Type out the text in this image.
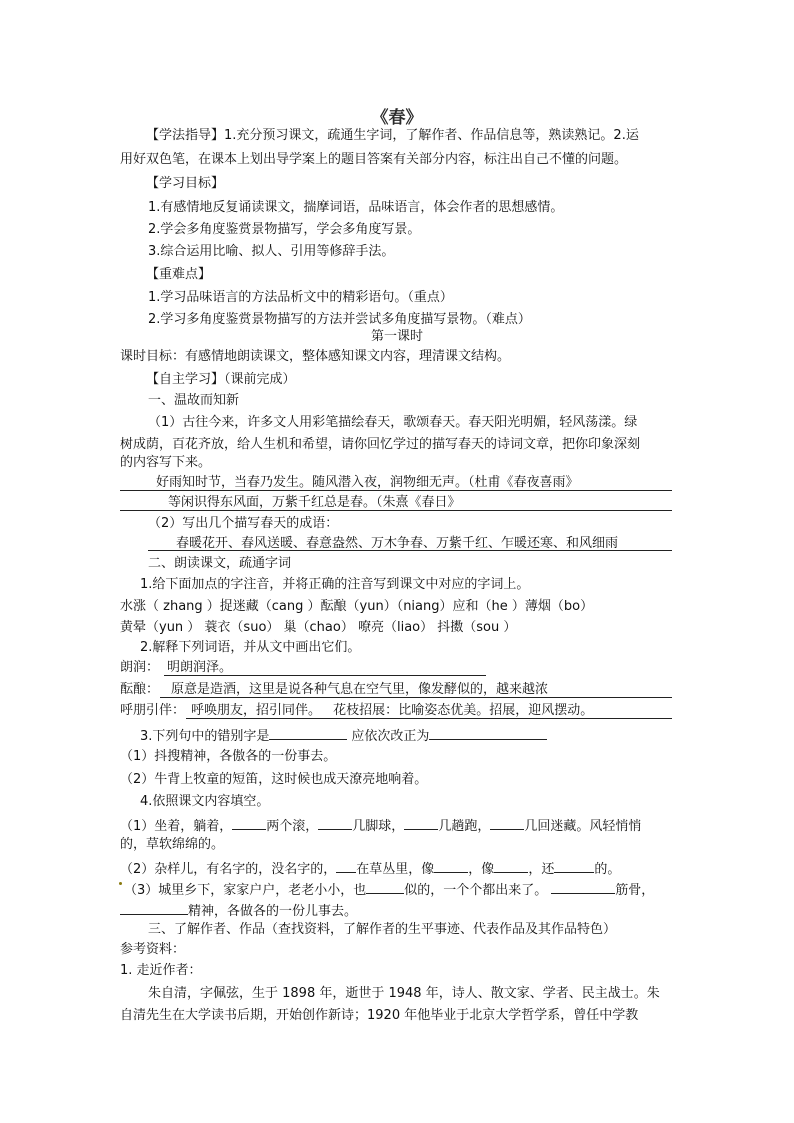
《春》
【学法指导】1.充分预习课文，疏通生字词，了解作者、作品信息等，熟读熟记。2.运
用好双色笔，在课本上划出导学案上的题目答案有关部分内容，标注出自己不懂的问题。
【学习目标】
1.有感情地反复诵读课文，揣摩词语，品味语言，体会作者的思想感情。
2.学会多角度鉴赏景物描写，学会多角度写景。
3.综合运用比喻、拟人、引用等修辞手法。
【重难点】
1.学习品味语言的方法品析文中的精彩语句。（重点）
2.学习多角度鉴赏景物描写的方法并尝试多角度描写景物。（难点）
第一课时
课时目标：有感情地朗读课文，整体感知课文内容，理清课文结构。
【自主学习】（课前完成）
一、温故而知新
（1）古往今来，许多文人用彩笔描绘春天，歌颂春天。春天阳光明媚，轻风荡漾。绿
树成荫，百花齐放，给人生机和希望，请你回忆学过的描写春天的诗词文章，把你印象深刻
的内容写下来。
好雨知时节，当春乃发生。随风潜入夜，润物细无声。（杜甫《春夜喜雨》
等闲识得东风面，万紫千红总是春。（朱熹《春日》
（2）写出几个描写春天的成语：
春暖花开、春风送暖、春意盎然、万木争春、万紫千红、乍暖还寒、和风细雨
二、朗读课文，疏通字词
1.给下面加点的字注音，并将正确的注音写到课文中对应的字词上。
水涨（ zhang ）捉迷藏（cang ）酝酿（yun）（niang）应和（he ）薄烟（bo）
黄晕（yun ） 蓑衣（suo） 巢（chao） 嘹亮（liao） 抖擞（sou ）
2.解释下列词语，并从文中画出它们。
朗润： 明朗润泽。
酝酿： 原意是造酒，这里是说各种气息在空气里，像发酵似的，越来越浓
呼朋引伴： 呼唤朋友，招引同伴。 花枝招展：比喻姿态优美。招展，迎风摆动。
3.下列句中的错别字是	应依次改正为
（1）抖搜精神，各傲各的一份事去。
（2）牛背上牧童的短笛，这时候也成天潦亮地响着。
4.依照课文内容填空。
（1）坐着，躺着，	两个滚，	几脚球，	几趟跑，	几回迷藏。风轻悄悄
的，草软绵绵的。
（2）杂样儿，有名字的，没名字的， 在草丛里，像	，像	，还	的。
（3）城里乡下，家家户户，老老小小，也	似的，一个个都出来了。	筋骨，
精神，各做各的一份儿事去。
三、了解作者、作品（查找资料，了解作者的生平事迹、代表作品及其作品特色）
参考资料：
1. 走近作者：
朱自清，字佩弦，生于 1898 年，逝世于 1948 年，诗人、散文家、学者、民主战士。朱
自清先生在大学读书后期，开始创作新诗；1920 年他毕业于北京大学哲学系，曾任中学教
